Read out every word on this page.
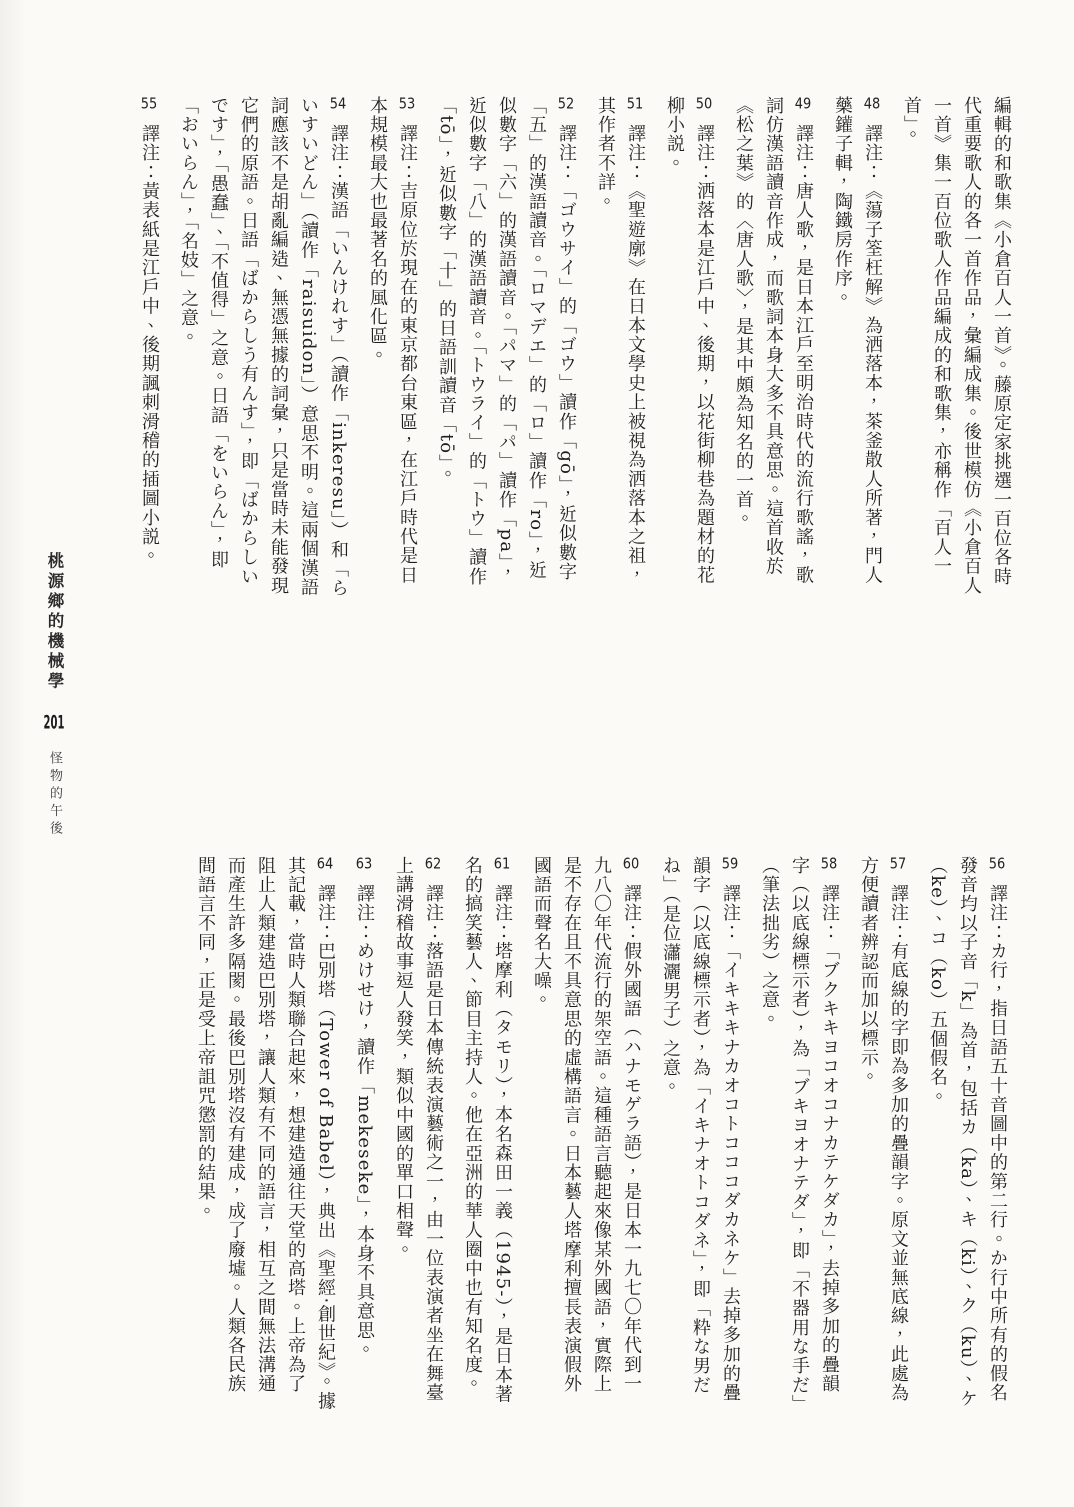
編輯的和歌集《小倉百人一首》。藤原定家挑選一百位各時代重要歌人的各一首作品，彙編成集。後世模仿《小倉百人一首》集一百位歌人作品編成的和歌集，亦稱作「百人一首」。
48譯注：《蕩子筌枉解》為洒落本，茶釜散人所著，門人藥鑵子輯，陶鐵房作序。
49譯注：唐人歌，是日本江戶至明治時代的流行歌謠，歌詞仿漢語讀音作成，而歌詞本身大多不具意思。這首收於《松之葉》的〈唐人歌〉，是其中頗為知名的一首。
50譯注：洒落本是江戶中、後期，以花街柳巷為題材的花柳小説。
51譯注：《聖遊廓》在日本文學史上被視為洒落本之祖，其作者不詳。
52譯注：「ゴウサイ」的「ゴウ」讀作「gō」，近似數字「五」的漢語讀音。「ロマデエ」的「ロ」讀作「ro」，近似數字「六」的漢語讀音。「パマ」的「パ」讀作「pa」，近似數字「八」的漢語讀音。「トウライ」的「トウ」讀作「tō」，近似數字「十」的日語訓讀音「tō」。
53譯注：吉原位於現在的東京都台東區，在江戶時代是日本規模最大也最著名的風化區。
54譯注：漢語「いんけれす」（讀作「inkeresu」）和「らいすいどん」（讀作「raisuidon」）意思不明。這兩個漢語詞應該不是胡亂編造、無憑無據的詞彙，只是當時未能發現它們的原語。日語「ばからしう有んす」，即「ばからしいです」，「愚蠢」、「不值得」之意。日語「をいらん」，即「おいらん」，「名妓」之意。
55譯注：黃表紙是江戶中、後期諷刺滑稽的插圖小説。
桃源鄉的機械學 201 怪物的午後
56譯注：カ行，指日語五十音圖中的第二行。か行中所有的假名發音均以子音「k」為首，包括カ（ka）、キ（ki）、ク（ku）、ケ（ke）、コ（ko）五個假名。
57譯注：有底線的字即為多加的疊韻字。原文並無底線，此處為方便讀者辨認而加以標示。
58譯注：「ブクキキヨコオコナカテケダカ」，去掉多加的疊韻字（以底線標示者），為「ブキヨオナテダ」，即「不器用な手だ」（筆法拙劣）之意。
59譯注：「イキキキナカオコトコココダカネケ」去掉多加的疊韻字（以底線標示者），為「イキナオトコダネ」，即「粋な男だね」（是位瀟灑男子）之意。
60譯注：假外國語（ハナモゲラ語），是日本一九七〇年代到一九八〇年代流行的架空語。這種語言聽起來像某外國語，實際上是不存在且不具意思的虛構語言。日本藝人塔摩利擅長表演假外國語而聲名大噪。
61譯注：塔摩利（タモリ），本名森田一義（1945-），是日本著名的搞笑藝人、節目主持人。他在亞洲的華人圈中也有知名度。
62譯注：落語是日本傳統表演藝術之一，由一位表演者坐在舞臺上講滑稽故事逗人發笑，類似中國的單口相聲。
63譯注：めけせけ，讀作「mekeseke」，本身不具意思。
64譯注：巴別塔（Tower of Babel），典出《聖經‧創世紀》。據其記載，當時人類聯合起來，想建造通往天堂的高塔。上帝為了阻止人類建造巴別塔，讓人類有不同的語言，相互之間無法溝通而產生許多隔閡。最後巴別塔沒有建成，成了廢墟。人類各民族間語言不同，正是受上帝詛咒懲罰的結果。
